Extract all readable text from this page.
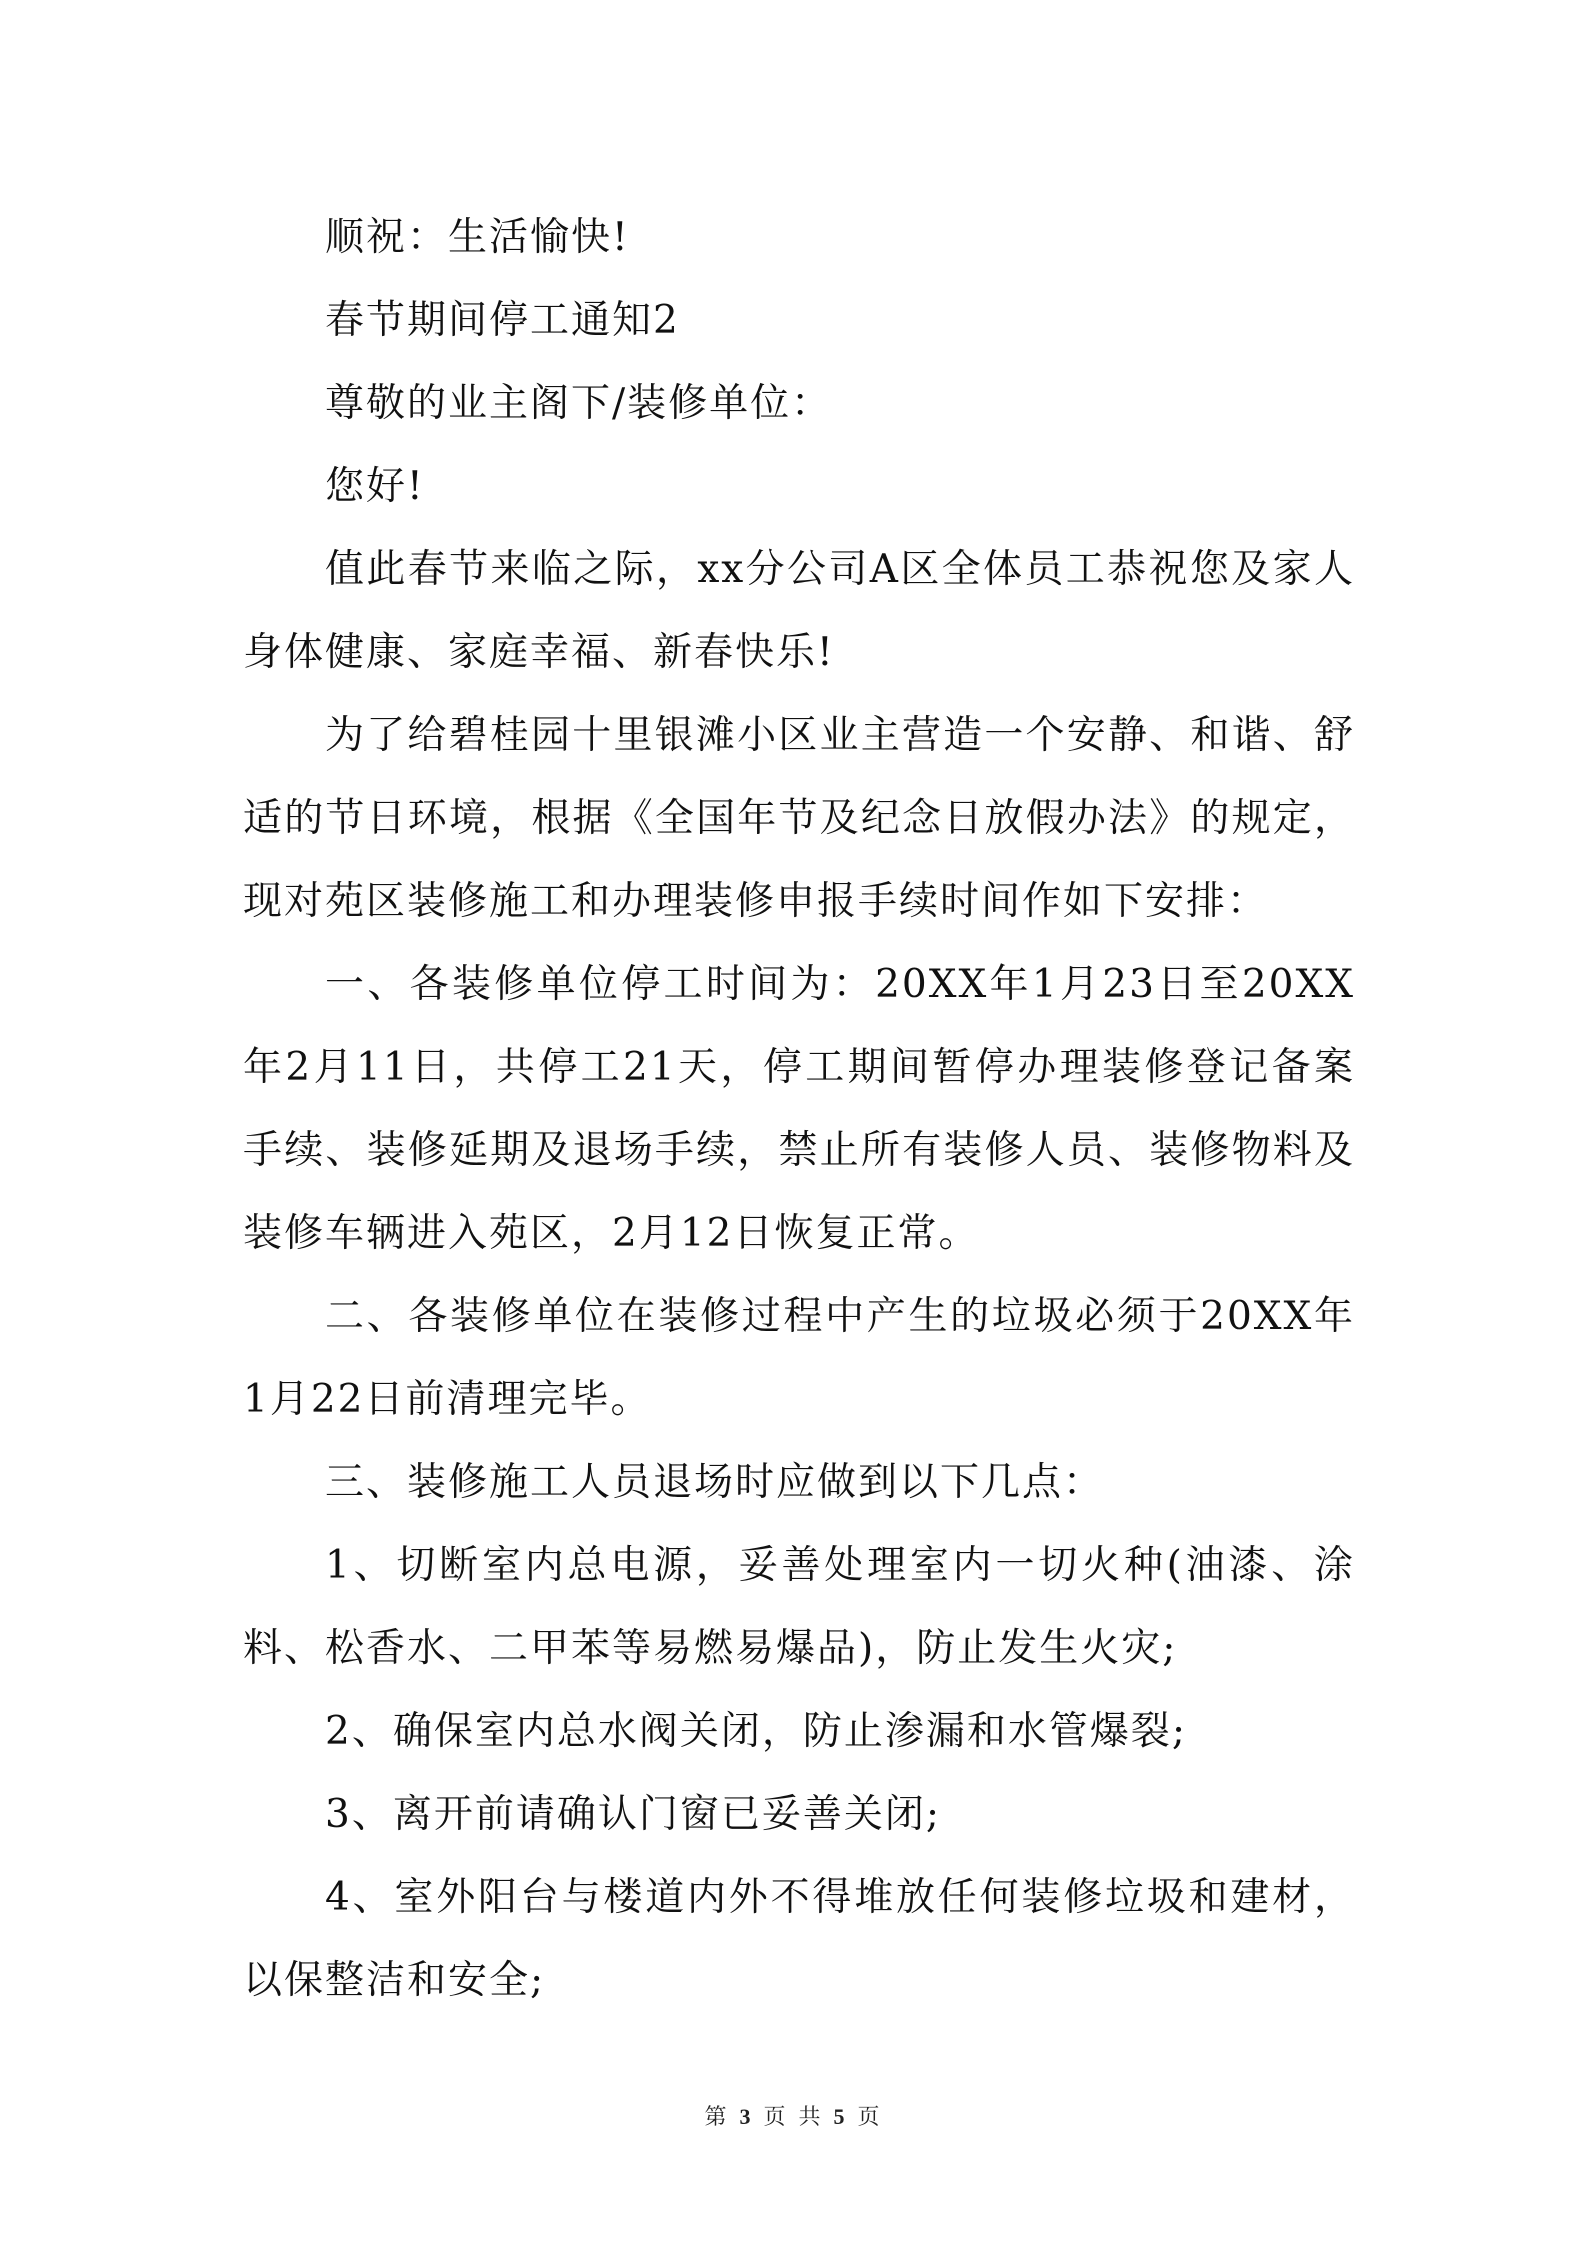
顺祝：生活愉快!

春节期间停工通知2

尊敬的业主阁下/装修单位：

您好!

值此春节来临之际，xx分公司A区全体员工恭祝您及家人身体健康、家庭幸福、新春快乐!

为了给碧桂园十里银滩小区业主营造一个安静、和谐、舒适的节日环境，根据《全国年节及纪念日放假办法》的规定，现对苑区装修施工和办理装修申报手续时间作如下安排：

一、各装修单位停工时间为：20XX年1月23日至20XX年2月11日，共停工21天，停工期间暂停办理装修登记备案手续、装修延期及退场手续，禁止所有装修人员、装修物料及装修车辆进入苑区，2月12日恢复正常。

二、各装修单位在装修过程中产生的垃圾必须于20XX年1月22日前清理完毕。

三、装修施工人员退场时应做到以下几点：

1、切断室内总电源，妥善处理室内一切火种(油漆、涂料、松香水、二甲苯等易燃易爆品)，防止发生火灾;

2、确保室内总水阀关闭，防止渗漏和水管爆裂;

3、离开前请确认门窗已妥善关闭;

4、室外阳台与楼道内外不得堆放任何装修垃圾和建材，以保整洁和安全;

第 3 页 共 5 页
